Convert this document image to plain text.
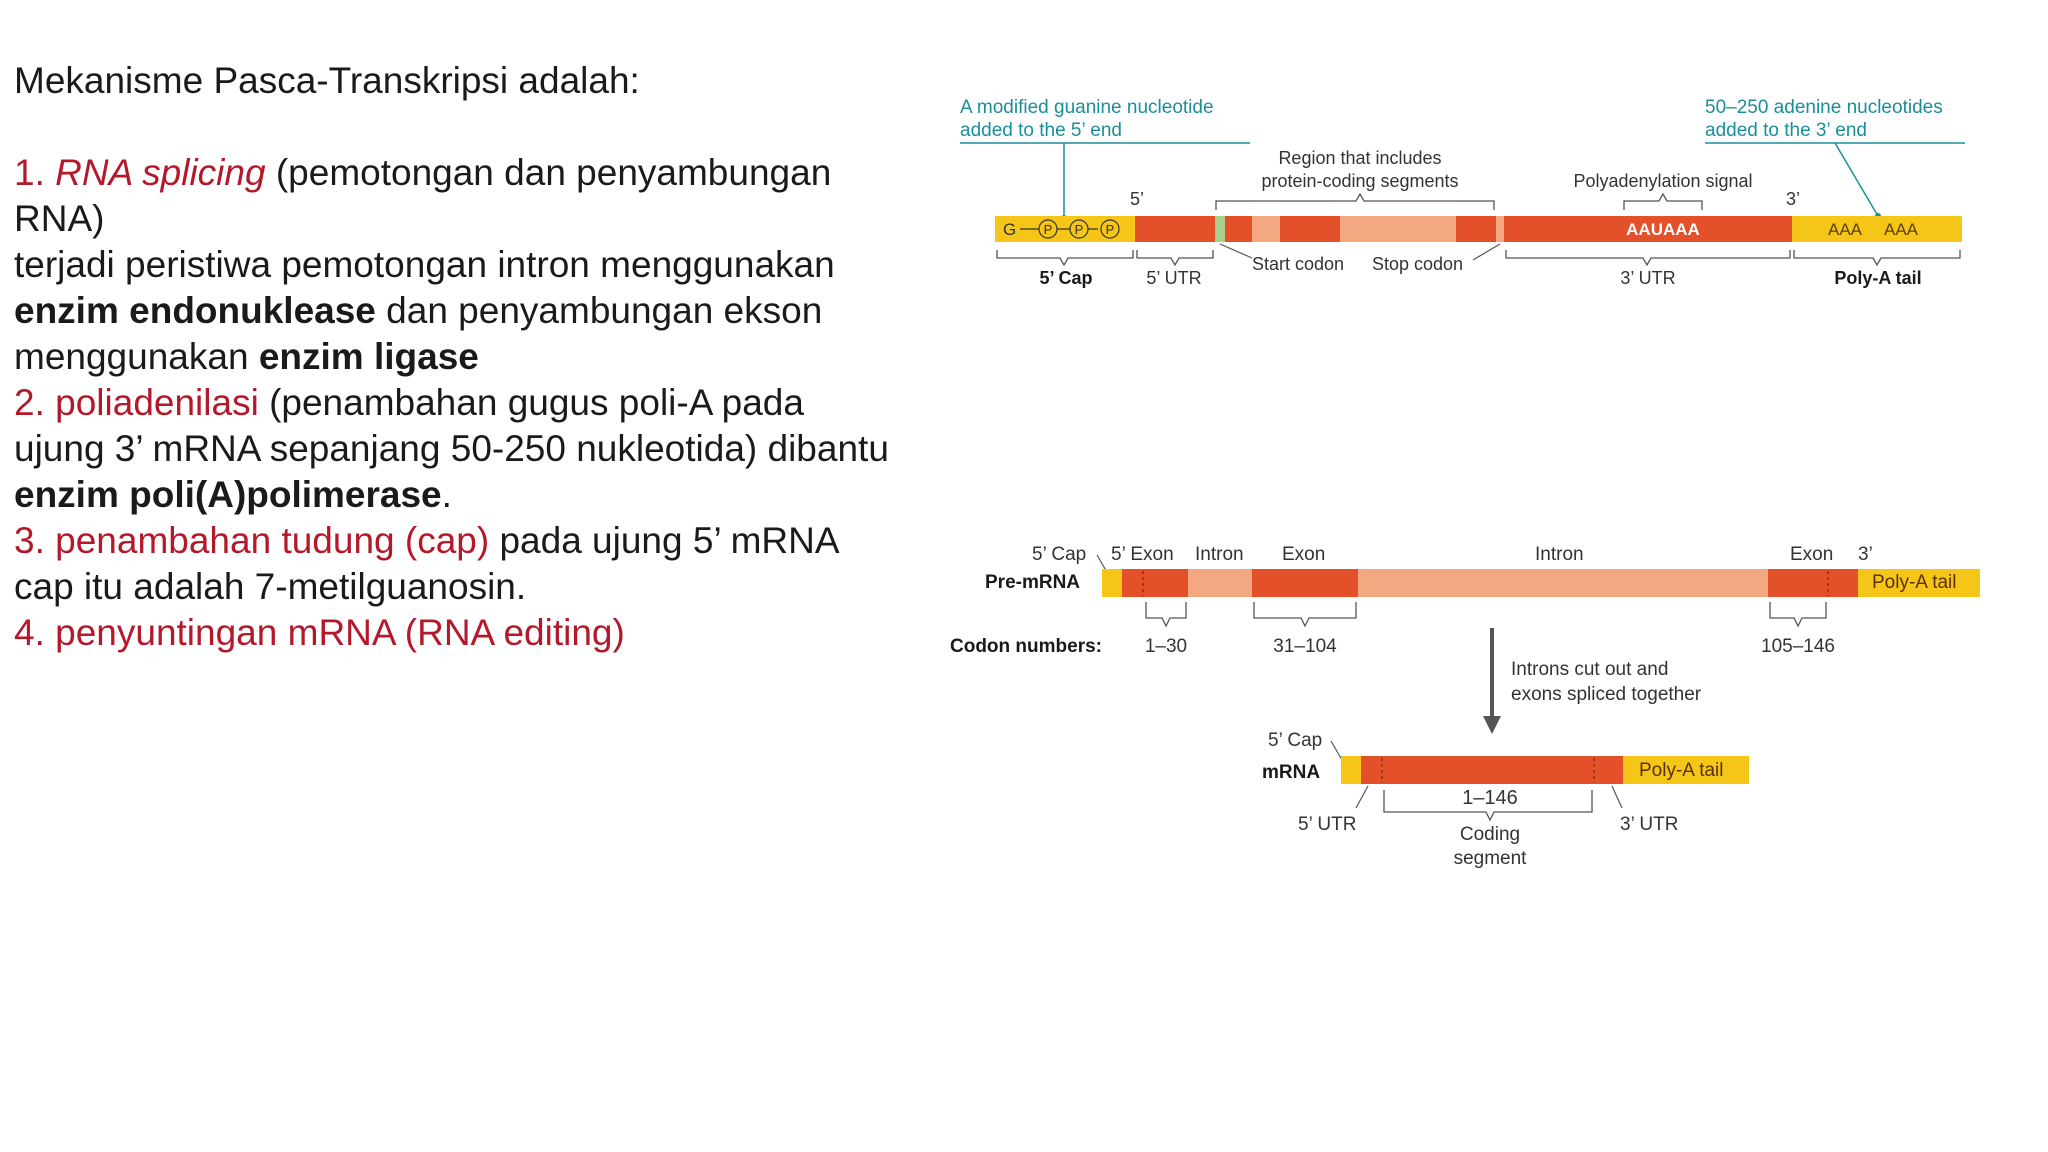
Mekanisme Pasca-Transkripsi adalah:

1. RNA splicing (pemotongan dan penyambungan RNA)
terjadi peristiwa pemotongan intron menggunakan enzim endonuklease dan penyambungan ekson menggunakan enzim ligase

2. poliadenilasi (penambahan gugus poli-A pada ujung 3’ mRNA sepanjang 50-250 nukleotida) dibantu enzim poli(A)polimerase.

3. penambahan tudung (cap) pada ujung 5’ mRNA cap itu adalah 7-metilguanosin.

4. penyuntingan mRNA (RNA editing)

A modified guanine nucleotide
added to the 5’ end
50–250 adenine nucleotides
added to the 3’ end
Region that includes
protein-coding segments	Polyadenylation signal
5’	3’
G P P P	AAUAAA	AAA AAA
Start codon Stop codon
5’ Cap	5’ UTR	3’ UTR	Poly-A tail
5’ Cap 5’ Exon Intron Exon	Intron	Exon 3’
Pre-mRNA	Poly-A tail
Codon numbers: 1–30	31–104	105–146
Introns cut out and
exons spliced together
5’ Cap
mRNA	Poly-A tail
1–146
5’ UTR	3’ UTR
Coding
segment
